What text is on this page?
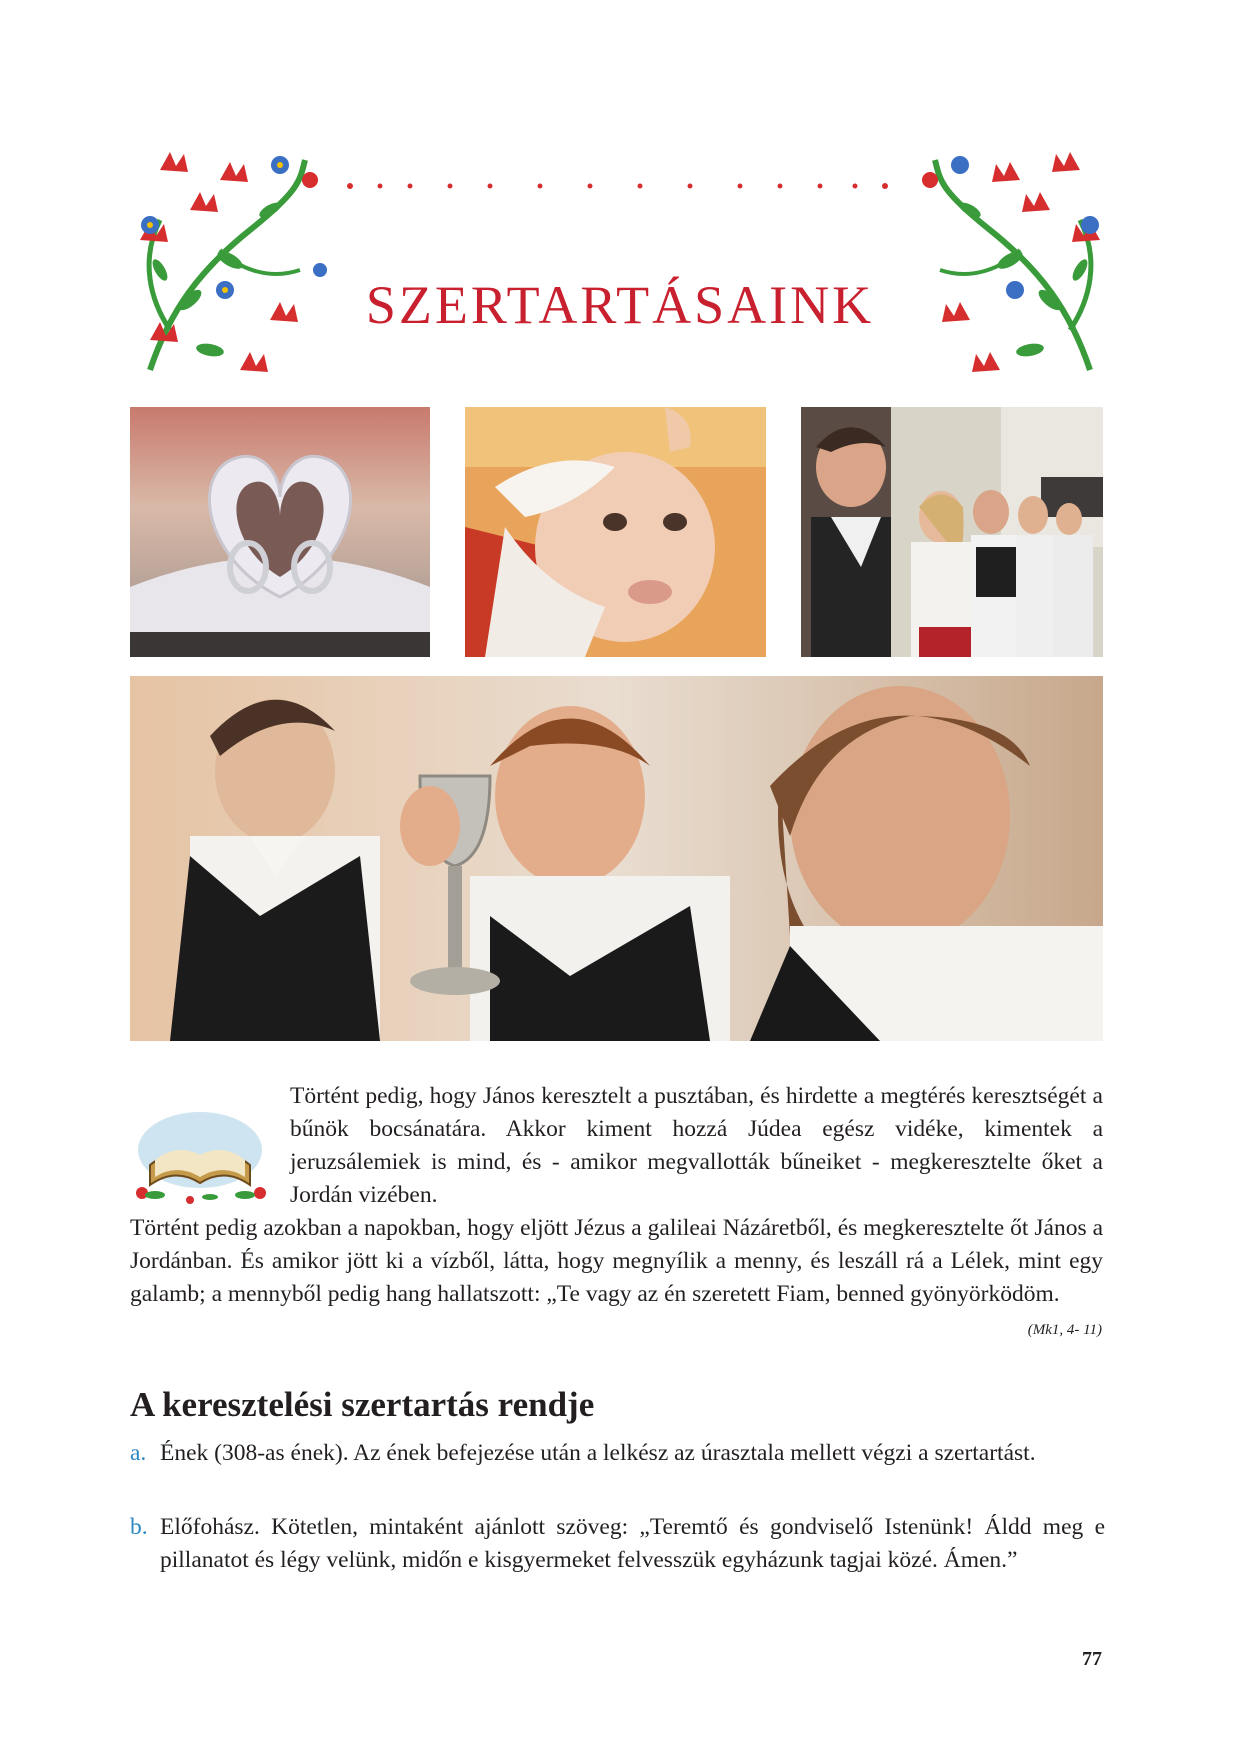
SZERTARTÁSAINK

Történt pedig, hogy János keresztelt a pusztában, és hirdette a megtérés keresztségét a bűnök bocsánatára. Akkor kiment hozzá Júdea egész vidéke, kimentek a jeruzsálemiek is mind, és - amikor megvallották bűneiket - megkeresztelte őket a Jordán vizében.

Történt pedig azokban a napokban, hogy eljött Jézus a galileai Názáretből, és megkeresztelte őt János a Jordánban. És amikor jött ki a vízből, látta, hogy megnyílik a menny, és leszáll rá a Lélek, mint egy galamb; a mennyből pedig hang hallatszott: „Te vagy az én szeretett Fiam, benned gyönyörködöm.

(Mk1, 4- 11)
A keresztelési szertartás rendje
a. Ének (308-as ének). Az ének befejezése után a lelkész az úrasztala mellett végzi a szertartást.
b. Előfohász. Kötetlen, mintaként ajánlott szöveg: „Teremtő és gondviselő Istenünk! Áldd meg e pillanatot és légy velünk, midőn e kisgyermeket felvesszük egyházunk tagjai közé. Ámen.”
77
